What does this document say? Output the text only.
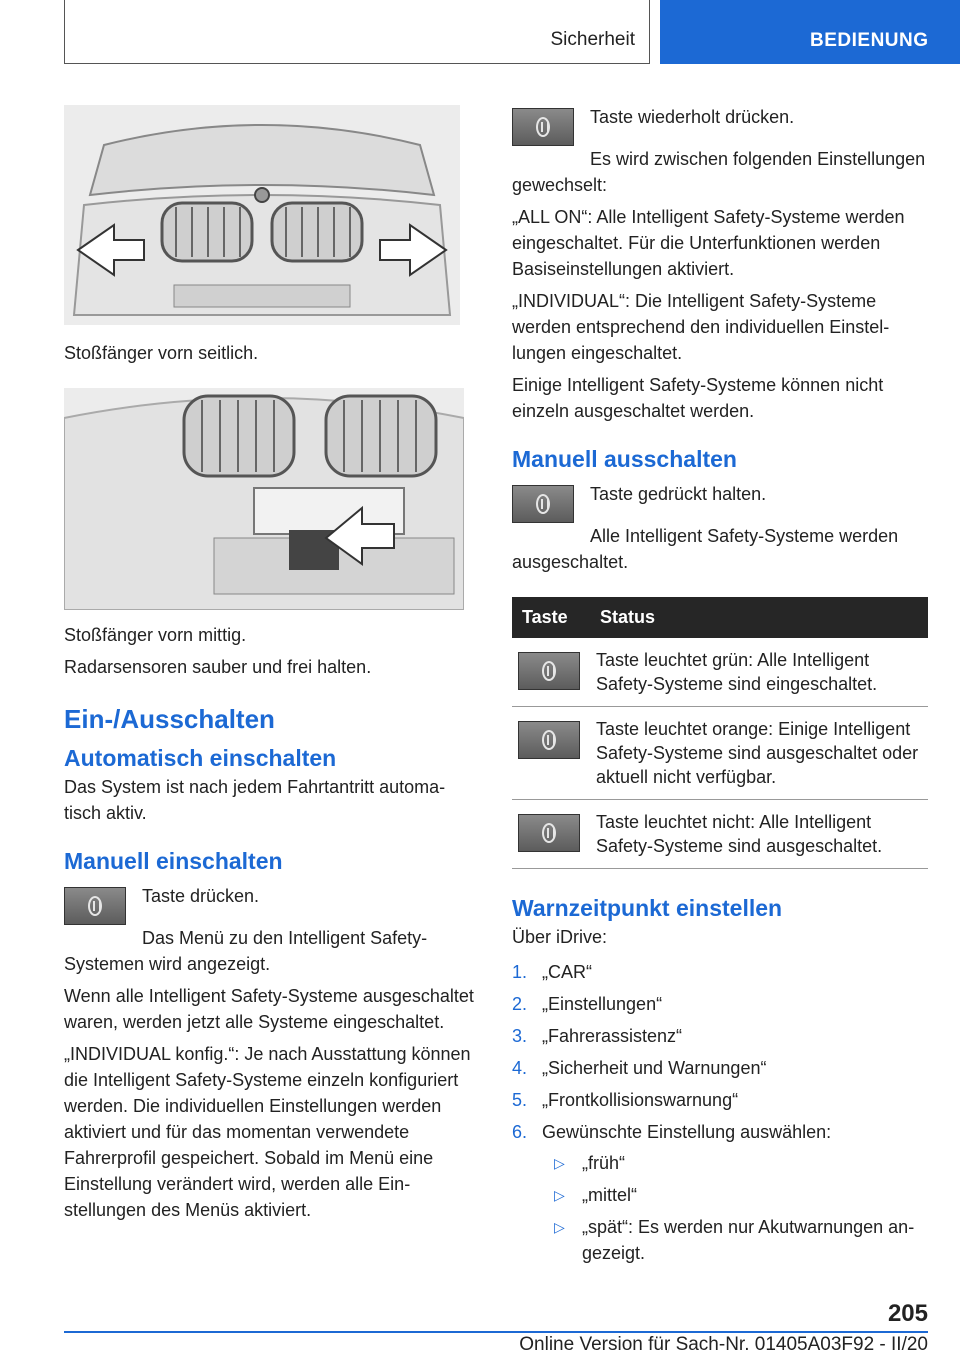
Sicherheit	BEDIENUNG

Stoßfänger vorn seitlich.

Stoßfänger vorn mittig.

Radarsensoren sauber und frei halten.

Ein-/Ausschalten
Automatisch einschalten

Das System ist nach jedem Fahrtantritt automatisch aktiv.

Manuell einschalten

Taste drücken.

Das Menü zu den Intelligent Safety-Systemen wird angezeigt.

Wenn alle Intelligent Safety-Systeme ausgeschaltet waren, werden jetzt alle Systeme eingeschaltet.

„INDIVIDUAL konfig.“: Je nach Ausstattung können die Intelligent Safety-Systeme einzeln konfiguriert werden. Die individuellen Einstellungen werden aktiviert und für das momentan verwendete Fahrerprofil gespeichert. Sobald im Menü eine Einstellung verändert wird, werden alle Einstellungen des Menüs aktiviert.

Taste wiederholt drücken.

Es wird zwischen folgenden Einstellungen gewechselt:

„ALL ON“: Alle Intelligent Safety-Systeme werden eingeschaltet. Für die Unterfunktionen werden Basiseinstellungen aktiviert.

„INDIVIDUAL“: Die Intelligent Safety-Systeme werden entsprechend den individuellen Einstellungen eingeschaltet.

Einige Intelligent Safety-Systeme können nicht einzeln ausgeschaltet werden.

Manuell ausschalten

Taste gedrückt halten.

Alle Intelligent Safety-Systeme werden ausgeschaltet.

Taste	Status

	Taste leuchtet grün: Alle Intelligent Safety-Systeme sind eingeschaltet.

	Taste leuchtet orange: Einige Intelligent Safety-Systeme sind ausgeschaltet oder aktuell nicht verfügbar.

	Taste leuchtet nicht: Alle Intelligent Safety-Systeme sind ausgeschaltet.
Warnzeitpunkt einstellen

Über iDrive:

1. „CAR“
2. „Einstellungen“
3. „Fahrerassistenz“
4. „Sicherheit und Warnungen“
5. „Frontkollisionswarnung“
6. Gewünschte Einstellung auswählen:
▷ „früh“
▷ „mittel“
▷ „spät“: Es werden nur Akutwarnungen angezeigt.
205
Online Version für Sach-Nr. 01405A03F92 - II/20
